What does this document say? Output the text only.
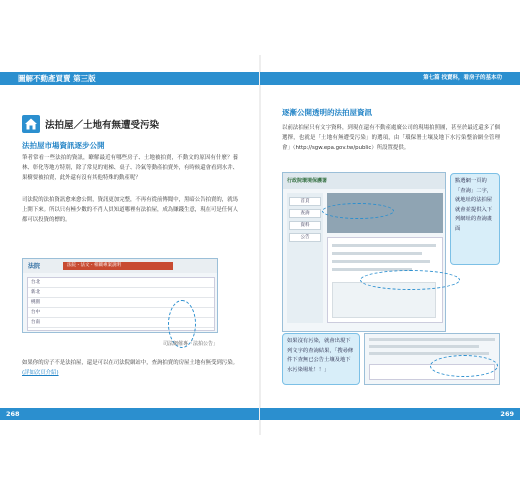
圖解不動產買賣 第三版
法拍屋／土地有無遭受污染
法拍屋市場資訊逐步公開

筆者常看一些法拍的資訊，瞭解最近有哪些房子、土地被拍賣，不動文的原因有什麼？養林、彰化等地方特別，除了常見的電梯、桌子、冷氣等動產拍賣外，有時候還會看到水井、果樹要被拍賣，此外還有沒有其他特殊的動產呢？

司法院的法拍資訊愈來愈公開，資訊更加完整，不再有從前傳聞中，黑暗公告拍賣的，就馬上開下來。所以只有極少數的不肖人員知道哪裡有法拍屋，成為賺錢生意，現在可是任何人都可以投資的標的。

法院	法院・法文・相關專案說明
台北
新北
桃園
台中
台南
司法網催專「法拍公告」

如果你的房子不是法拍屋，還是可以在司法院網站中，查詢拍賣的房屋土地有無受到污染。(詳如次頁介紹)

268
第七篇 找賣料，看房子的基本功
逐漸公開透明的法拍屋資訊

以前法拍屋只有文字資料，到現在還有不動產處廣公司的現場拍照圖，甚至於最近還多了個選擇，也就是「土地有無遭受污染」的選項，由「環保署土壤及地下水污染整治網全管理會」（http://sgw.epa.gov.tw/public）所設置提供。

行政院環境保護署
首頁
查詢
資料
公告
點選網一頁的「查詢」二字，就地址的法拍屋就會並提供入下列網址的查詢畫面
如果沒有污染，就會出現下列文字的查詢結果，「搜尋條件下查無已公告土壤及地下水污染場址！！」
269
